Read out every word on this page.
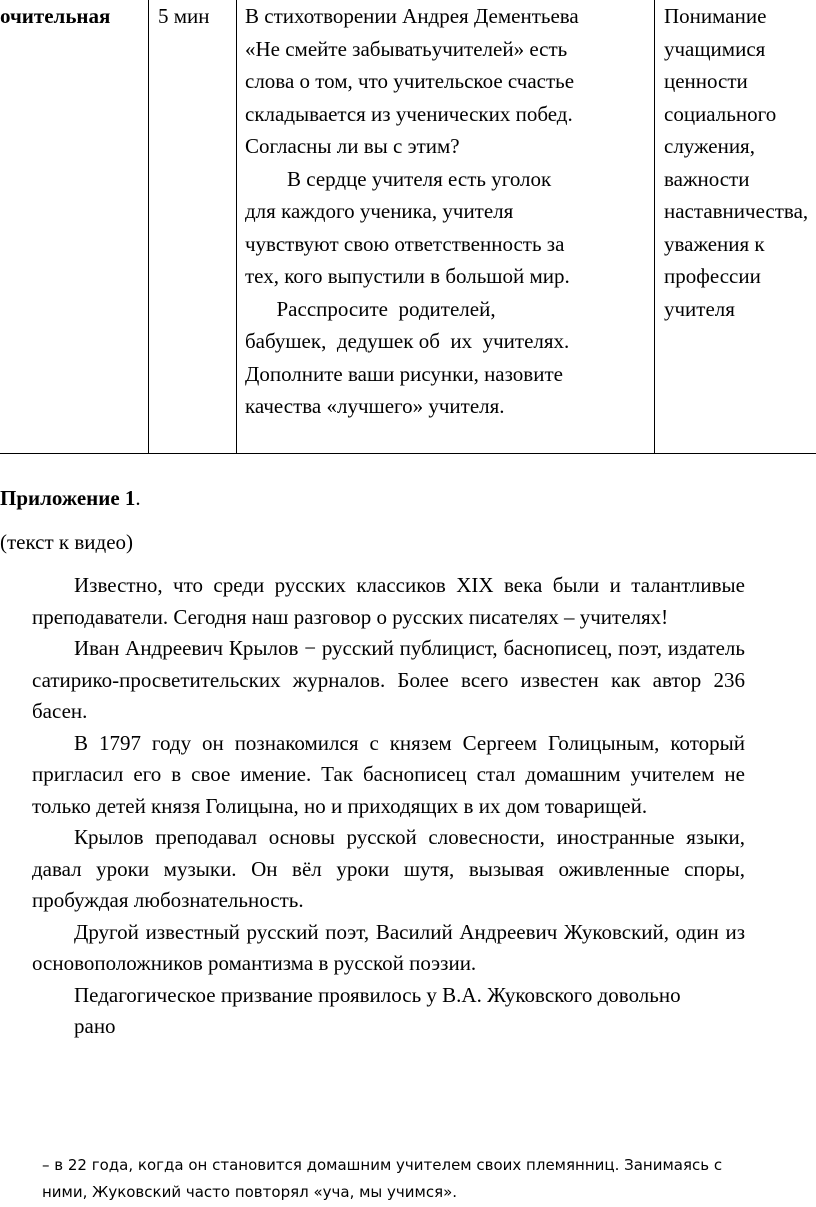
очительная 5 мин В стихотворении Андрея Дементьева

«Не смейте забыватьучителей» есть

слова о том, что учительское счастье

складывается из ученических побед.

Согласны ли вы с этим?

В сердце учителя есть уголок

для каждого ученика, учителя

чувствуют свою ответственность за

тех, кого выпустили в большой мир.

Расспросите  родителей,

бабушек,  дедушек об  их  учителях.

Дополните ваши рисунки, назовите

качества «лучшего» учителя.

Понимание

учащимися

ценности

социального

служения,

важности

наставничества,

уважения к

профессии

учителя

Приложение 1.
(текст к видео)

Известно, что среди русских классиков XIX века были и талантливые преподаватели. Сегодня наш разговор о русских писателях – учителях!

Иван Андреевич Крылов − русский публицист, баснописец, поэт, издатель сатирико-просветительских журналов. Более всего известен как автор 236 басен.

В 1797 году он познакомился с князем Сергеем Голицыным, который пригласил его в свое имение. Так баснописец стал домашним учителем не только детей князя Голицына, но и приходящих в их дом товарищей.

Крылов преподавал основы русской словесности, иностранные языки, давал уроки музыки. Он вёл уроки шутя, вызывая оживленные споры, пробуждая любознательность.

Другой известный русский поэт, Василий Андреевич Жуковский, один из основоположников романтизма в русской поэзии.

Педагогическое призвание проявилось у В.А. Жуковского довольно

рано

– в 22 года, когда он становится домашним учителем своих племянниц. Занимаясь с ними, Жуковский часто повторял «уча, мы учимся».
